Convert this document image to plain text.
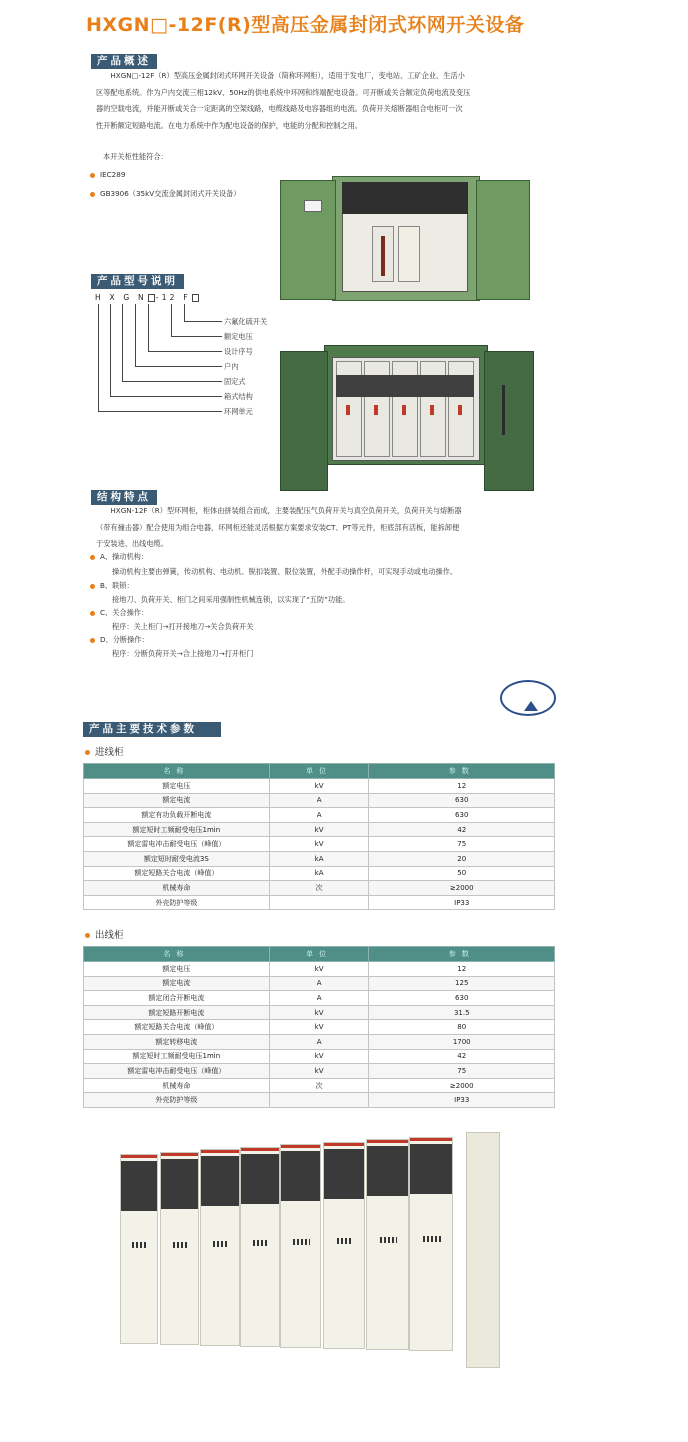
HXGN□-12F(R)型高压金属封闭式环网开关设备
产品概述
HXGN□-12F（R）型高压金属封闭式环网开关设备（简称环网柜），适用于发电厂，变电站、工矿企业、生活小
区等配电系统。作为户内交流三相12kV、50Hz的供电系统中环网和终端配电设备。可开断或关合额定负荷电流及变压
器的空载电流，并能开断或关合一定距离的空架线路，电缆线路及电容器组的电流。负荷开关熔断器组合电柜可一次
性开断额定短路电流。在电力系统中作为配电设备的保护，电能的分配和控制之用。
本开关柜性能符合：
IEC289
GB3906（35kV交流金属封闭式开关设备）
产品型号说明
H X G N -12 F
六氟化硫开关
额定电压
设计序号
户内
固定式
箱式结构
环网单元
结构特点
HXGN-12F（R）型环网柜，柜体由拼装组合而成，主要装配压气负荷开关与真空负荷开关，负荷开关与熔断器
（带有撞击器）配合使用为组合电器，环网柜还能灵活根据方案要求安装CT、PT等元件，柜底部有活板，能拆卸便
于安装进、出线电缆。
A、操动机构：
操动机构主要由弹簧，传动机构、电动机、脱扣装置、限位装置，外配手动操作杆，可实现手动或电动操作。
B、联锁：
接地刀、负荷开关、柜门之间采用强制性机械连锁，以实现了“五防”功能。
C、关合操作：
程序：关上柜门→打开接地刀→关合负荷开关
D、分断操作：
程序：分断负荷开关→合上接地刀→打开柜门
产品主要技术参数
进线柜
名称	单位	参数
额定电压	kV	12
额定电流	A	630
额定有功负载开断电流	A	630
额定短时工频耐受电压1min	kV	42
额定雷电冲击耐受电压（峰值）	kV	75
额定短时耐受电流3S	kA	20
额定短路关合电流（峰值）	kA	50
机械寿命	次	≥2000
外壳防护等级		IP33
出线柜
名称	单位	参数
额定电压	kV	12
额定电流	A	125
额定闭合开断电流	A	630
额定短路开断电流	kV	31.5
额定短路关合电流（峰值）	kV	80
额定转移电流	A	1700
额定短时工频耐受电压1min	kV	42
额定雷电冲击耐受电压（峰值）	kV	75
机械寿命	次	≥2000
外壳防护等级		IP33
